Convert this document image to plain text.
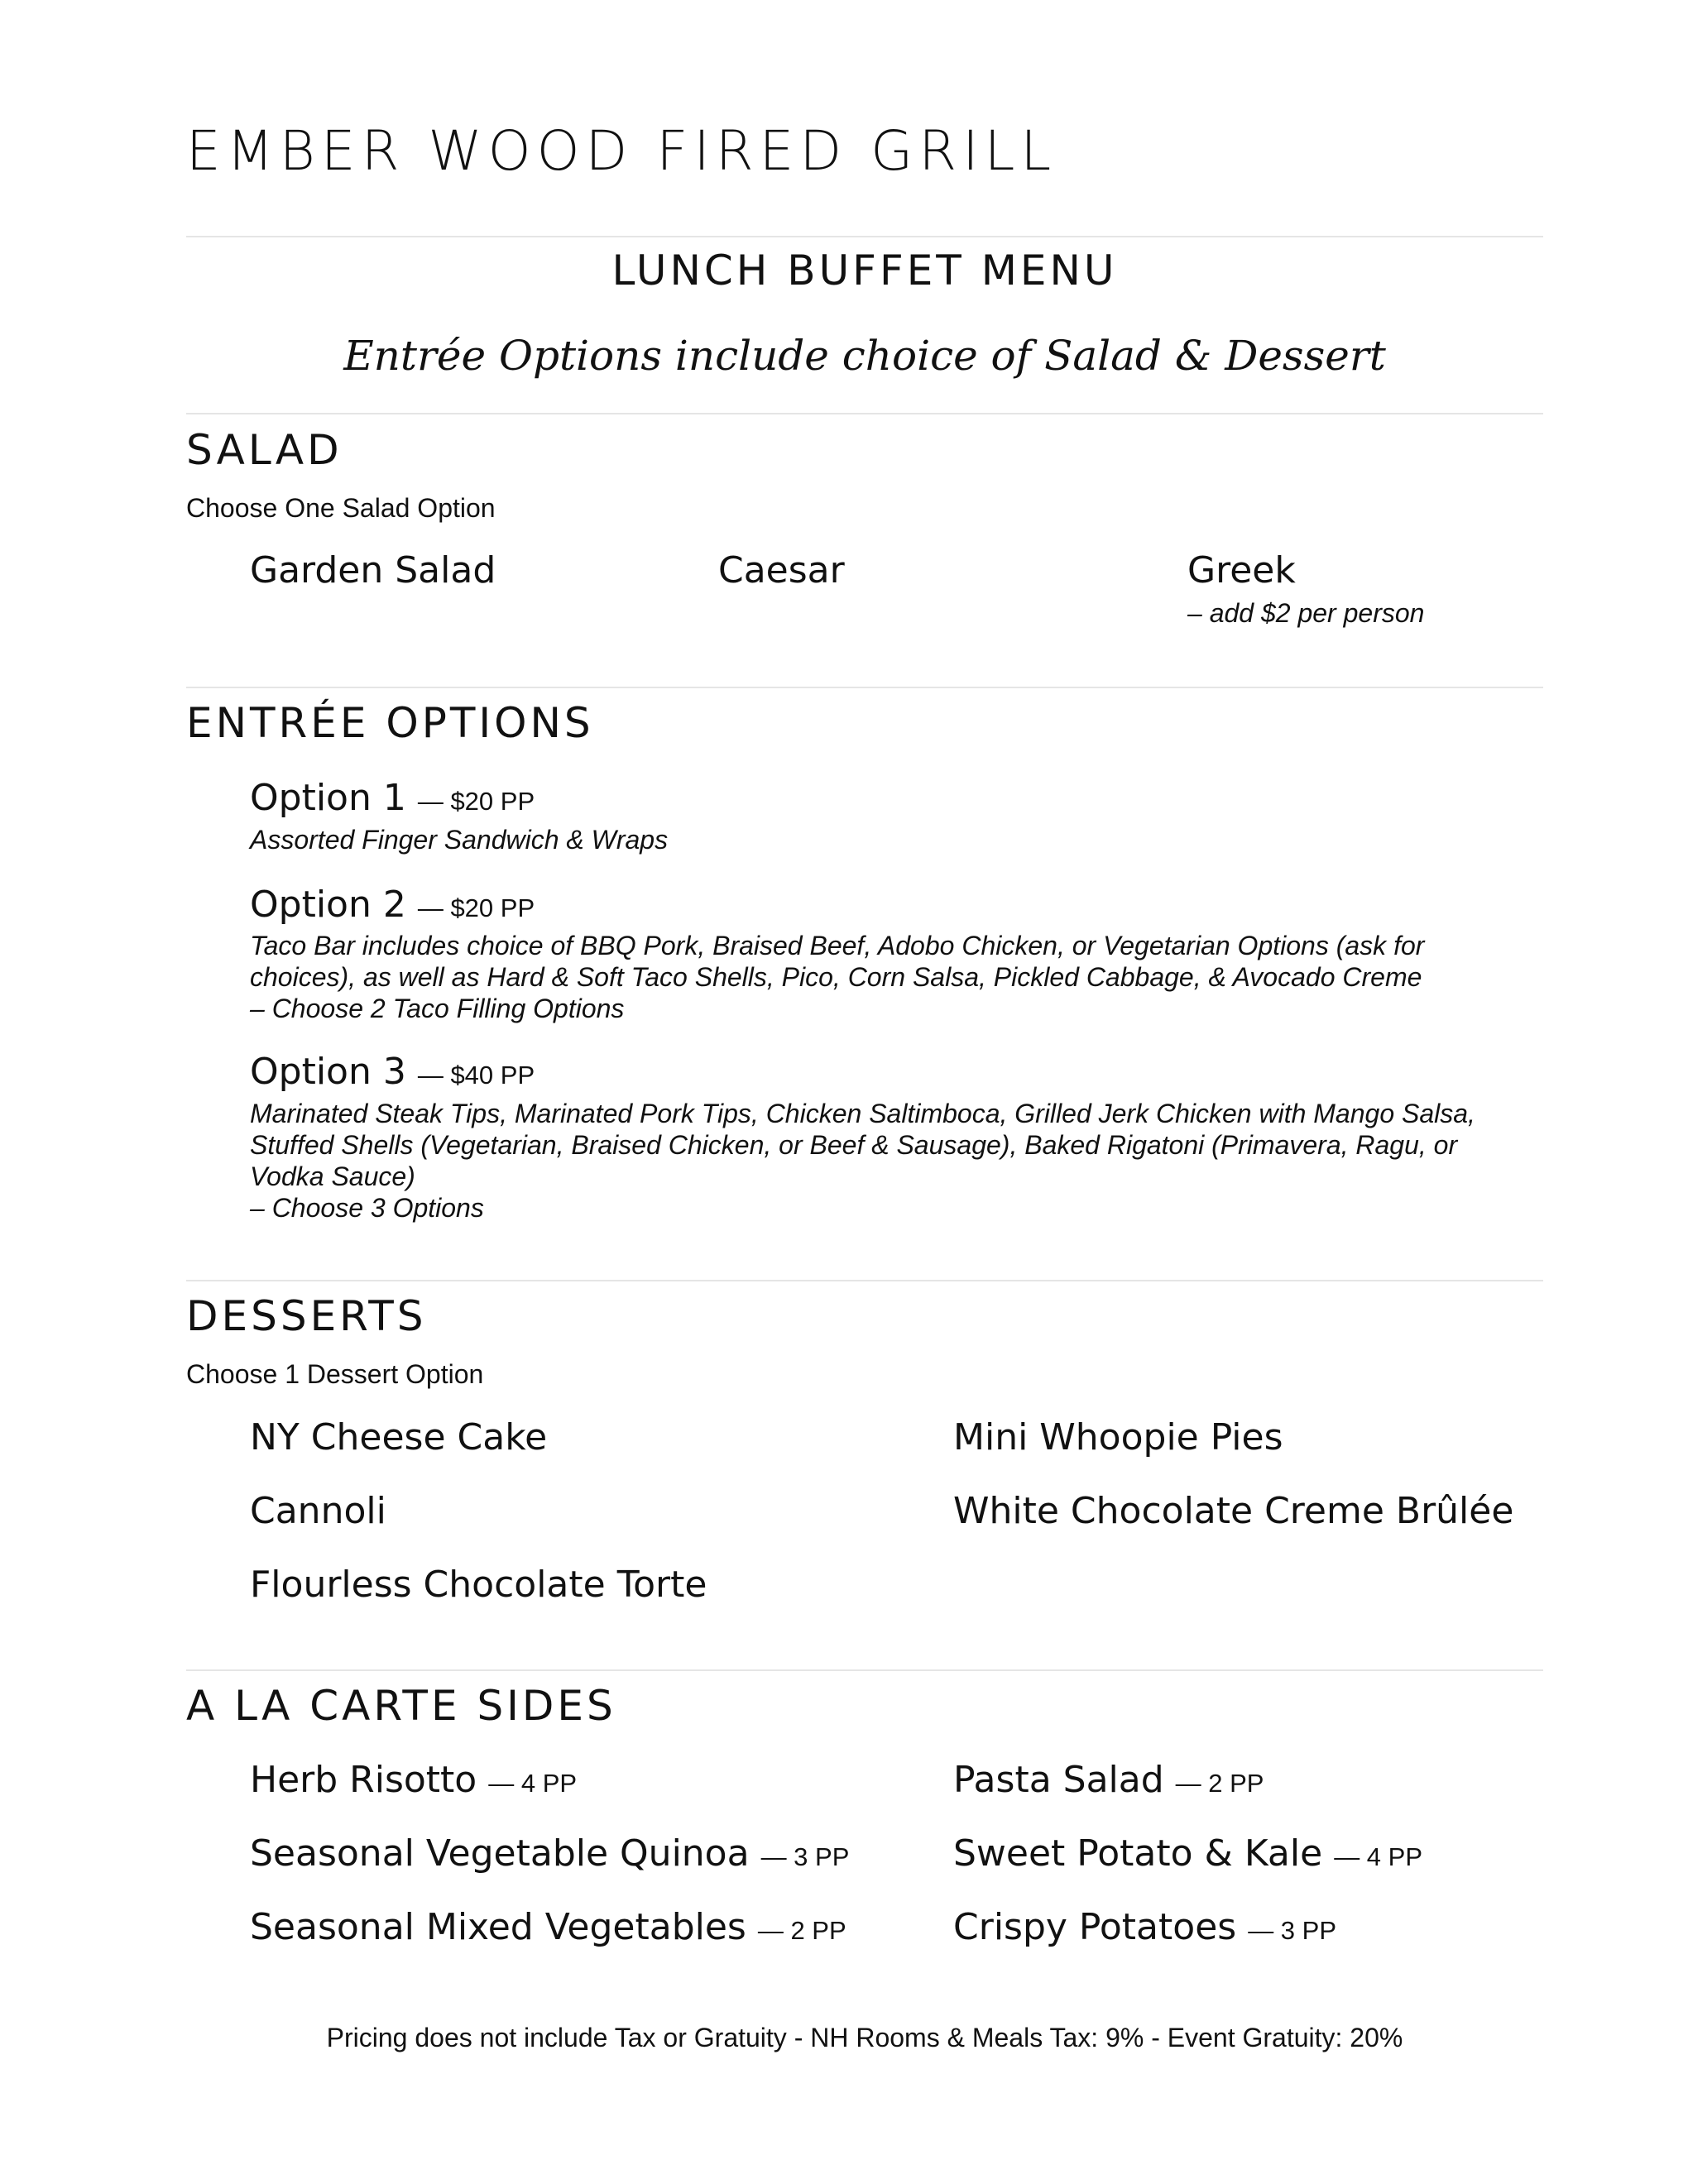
EMBER WOOD FIRED GRILL
LUNCH BUFFET MENU
Entrée Options include choice of Salad & Dessert
SALAD
Choose One Salad Option
Garden Salad	Caesar	Greek
– add $2 per person
ENTRÉE OPTIONS
Option 1 — $20 PP
Assorted Finger Sandwich & Wraps
Option 2 — $20 PP
Taco Bar includes choice of BBQ Pork, Braised Beef, Adobo Chicken, or Vegetarian Options (ask for
choices), as well as Hard & Soft Taco Shells, Pico, Corn Salsa, Pickled Cabbage, & Avocado Creme
– Choose 2 Taco Filling Options
Option 3 — $40 PP
Marinated Steak Tips, Marinated Pork Tips, Chicken Saltimboca, Grilled Jerk Chicken with Mango Salsa,
Stuffed Shells (Vegetarian, Braised Chicken, or Beef & Sausage), Baked Rigatoni (Primavera, Ragu, or
Vodka Sauce)
– Choose 3 Options
DESSERTS
Choose 1 Dessert Option
NY Cheese Cake
Cannoli
Flourless Chocolate Torte
Mini Whoopie Pies
White Chocolate Creme Brûlée
A LA CARTE SIDES
Herb Risotto — 4 PP
Seasonal Vegetable Quinoa — 3 PP
Seasonal Mixed Vegetables — 2 PP
Pasta Salad — 2 PP
Sweet Potato & Kale — 4 PP
Crispy Potatoes — 3 PP
Pricing does not include Tax or Gratuity - NH Rooms & Meals Tax: 9% - Event Gratuity: 20%
